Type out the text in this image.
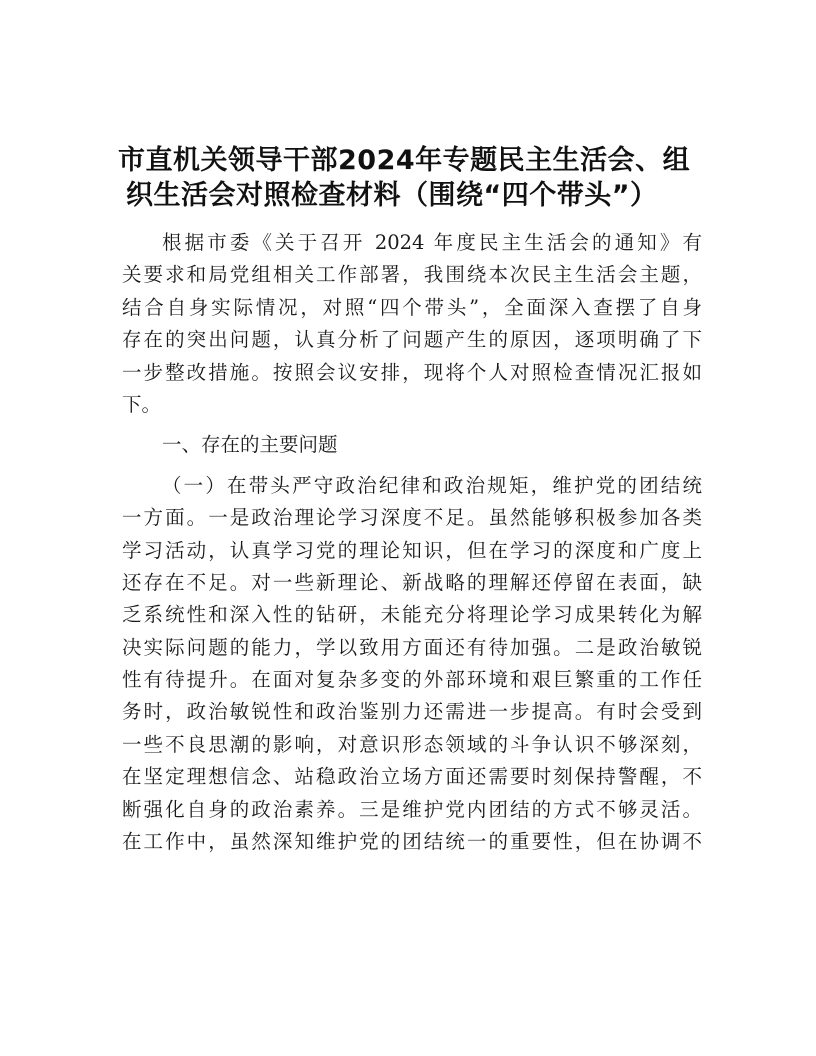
市直机关领导干部2024年专题民主生活会、组
织生活会对照检查材料（围绕“四个带头”）
根据市委《关于召开 2024 年度民主生活会的通知》有
关要求和局党组相关工作部署，我围绕本次民主生活会主题，
结合自身实际情况，对照“四个带头”，全面深入查摆了自身
存在的突出问题，认真分析了问题产生的原因，逐项明确了下
一步整改措施。按照会议安排，现将个人对照检查情况汇报如
下。
一、存在的主要问题
（一）在带头严守政治纪律和政治规矩，维护党的团结统
一方面。一是政治理论学习深度不足。虽然能够积极参加各类
学习活动，认真学习党的理论知识，但在学习的深度和广度上
还存在不足。对一些新理论、新战略的理解还停留在表面，缺
乏系统性和深入性的钻研，未能充分将理论学习成果转化为解
决实际问题的能力，学以致用方面还有待加强。二是政治敏锐
性有待提升。在面对复杂多变的外部环境和艰巨繁重的工作任
务时，政治敏锐性和政治鉴别力还需进一步提高。有时会受到
一些不良思潮的影响，对意识形态领域的斗争认识不够深刻，
在坚定理想信念、站稳政治立场方面还需要时刻保持警醒，不
断强化自身的政治素养。三是维护党内团结的方式不够灵活。
在工作中，虽然深知维护党的团结统一的重要性，但在协调不
